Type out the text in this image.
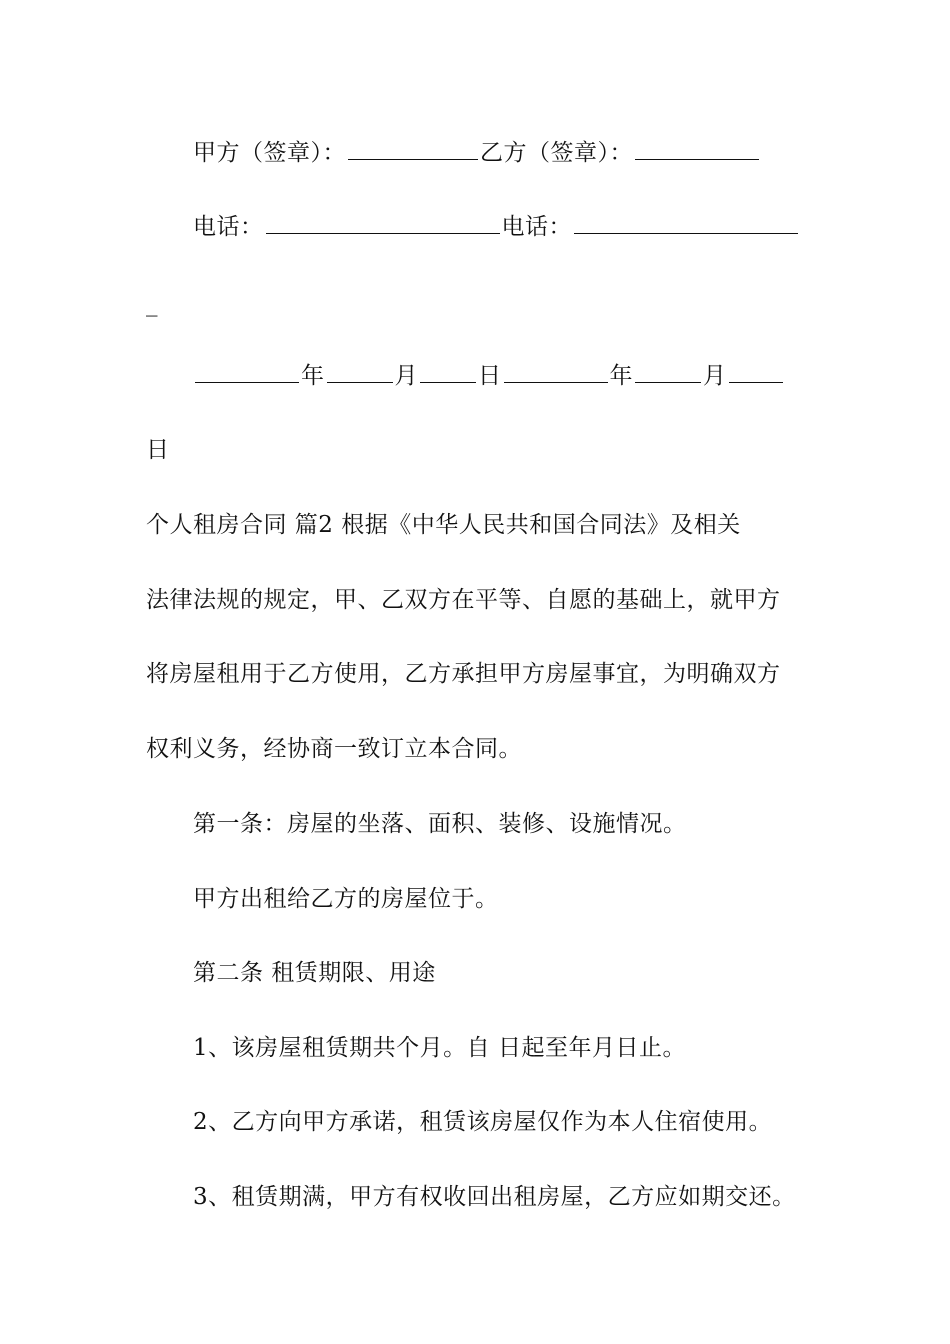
甲方（签章）：	乙方（签章）：
电话：	电话：
_
年	月	日	年	月
日
个人租房合同 篇2 根据《中华人民共和国合同法》及相关
法律法规的规定，甲、乙双方在平等、自愿的基础上，就甲方
将房屋租用于乙方使用，乙方承担甲方房屋事宜，为明确双方
权利义务，经协商一致订立本合同。
第一条：房屋的坐落、面积、装修、设施情况。
甲方出租给乙方的房屋位于。
第二条 租赁期限、用途
1、该房屋租赁期共个月。自 日起至年月日止。
2、乙方向甲方承诺，租赁该房屋仅作为本人住宿使用。
3、租赁期满，甲方有权收回出租房屋，乙方应如期交还。
